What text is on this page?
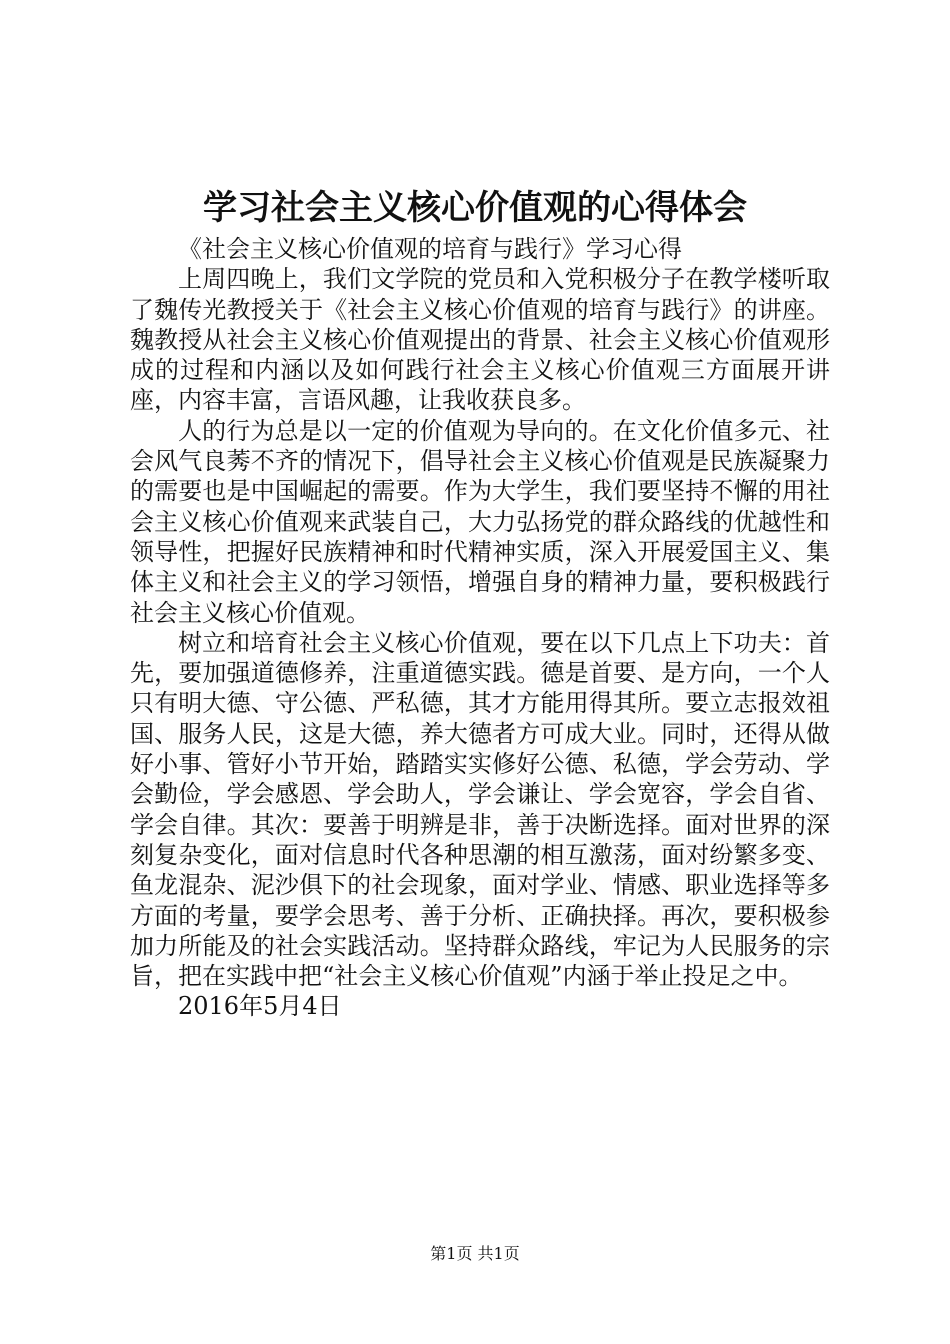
学习社会主义核心价值观的心得体会

《社会主义核心价值观的培育与践行》学习心得

上周四晚上，我们文学院的党员和入党积极分子在教学楼听取了魏传光教授关于《社会主义核心价值观的培育与践行》的讲座。魏教授从社会主义核心价值观提出的背景、社会主义核心价值观形成的过程和内涵以及如何践行社会主义核心价值观三方面展开讲座，内容丰富，言语风趣，让我收获良多。

人的行为总是以一定的价值观为导向的。在文化价值多元、社会风气良莠不齐的情况下，倡导社会主义核心价值观是民族凝聚力的需要也是中国崛起的需要。作为大学生，我们要坚持不懈的用社会主义核心价值观来武装自己，大力弘扬党的群众路线的优越性和领导性，把握好民族精神和时代精神实质，深入开展爱国主义、集体主义和社会主义的学习领悟，增强自身的精神力量，要积极践行社会主义核心价值观。

树立和培育社会主义核心价值观，要在以下几点上下功夫：首先，要加强道德修养，注重道德实践。德是首要、是方向，一个人只有明大德、守公德、严私德，其才方能用得其所。要立志报效祖国、服务人民，这是大德，养大德者方可成大业。同时，还得从做好小事、管好小节开始，踏踏实实修好公德、私德，学会劳动、学会勤俭，学会感恩、学会助人，学会谦让、学会宽容，学会自省、学会自律。其次：要善于明辨是非，善于决断选择。面对世界的深刻复杂变化，面对信息时代各种思潮的相互激荡，面对纷繁多变、鱼龙混杂、泥沙俱下的社会现象，面对学业、情感、职业选择等多方面的考量，要学会思考、善于分析、正确抉择。再次，要积极参加力所能及的社会实践活动。坚持群众路线，牢记为人民服务的宗旨，把在实践中把“社会主义核心价值观”内涵于举止投足之中。

2016年5月4日

第1页 共1页
